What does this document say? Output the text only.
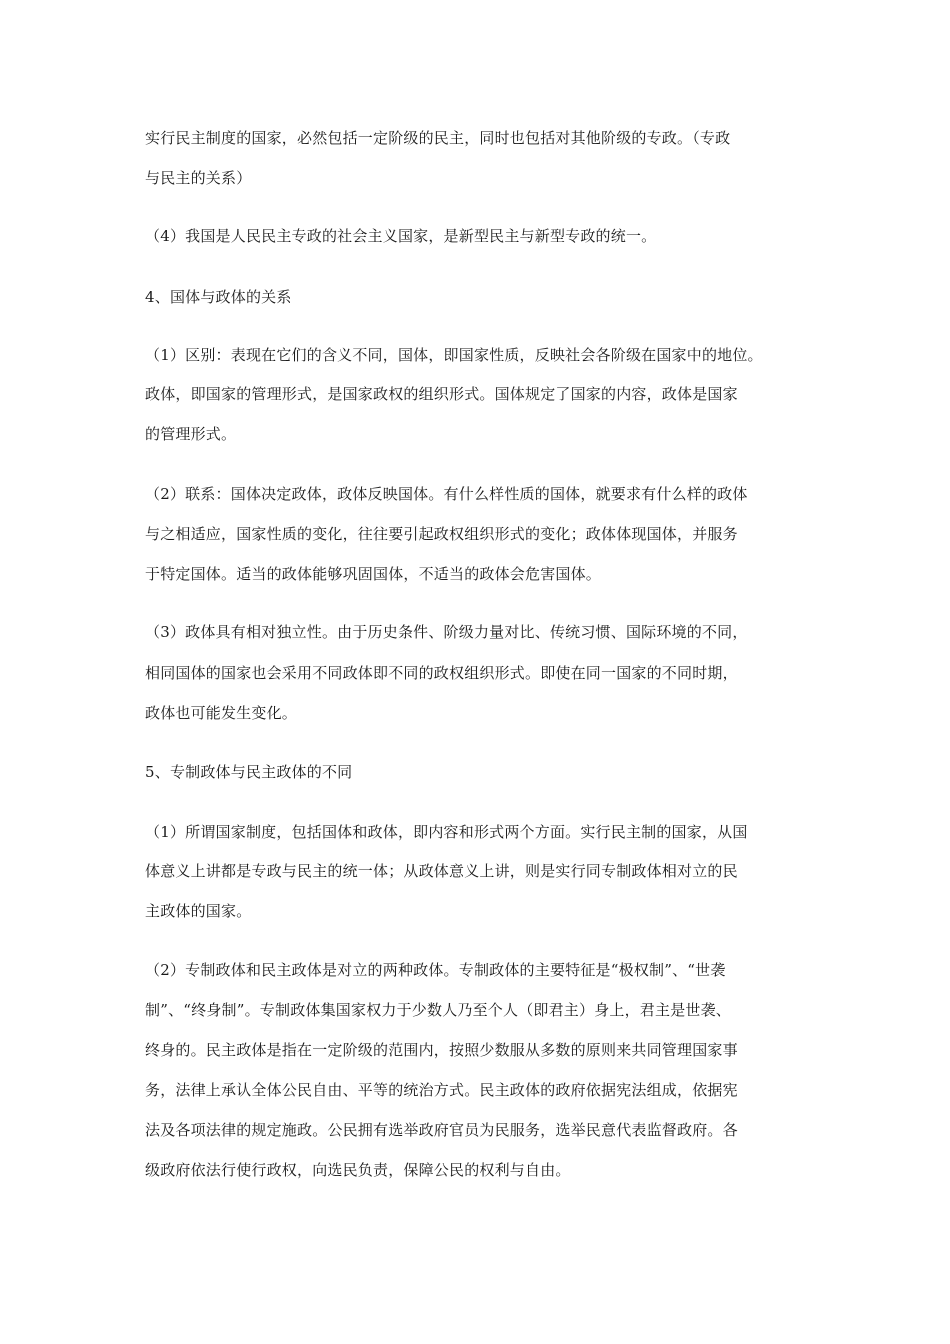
实行民主制度的国家，必然包括一定阶级的民主，同时也包括对其他阶级的专政。（专政
与民主的关系）
（4）我国是人民民主专政的社会主义国家，是新型民主与新型专政的统一。
4、国体与政体的关系
（1）区别：表现在它们的含义不同，国体，即国家性质，反映社会各阶级在国家中的地位。
政体，即国家的管理形式，是国家政权的组织形式。国体规定了国家的内容，政体是国家
的管理形式。
（2）联系：国体决定政体，政体反映国体。有什么样性质的国体，就要求有什么样的政体
与之相适应，国家性质的变化，往往要引起政权组织形式的变化；政体体现国体，并服务
于特定国体。适当的政体能够巩固国体，不适当的政体会危害国体。
（3）政体具有相对独立性。由于历史条件、阶级力量对比、传统习惯、国际环境的不同，
相同国体的国家也会采用不同政体即不同的政权组织形式。即使在同一国家的不同时期，
政体也可能发生变化。
5、专制政体与民主政体的不同
（1）所谓国家制度，包括国体和政体，即内容和形式两个方面。实行民主制的国家，从国
体意义上讲都是专政与民主的统一体；从政体意义上讲，则是实行同专制政体相对立的民
主政体的国家。
（2）专制政体和民主政体是对立的两种政体。专制政体的主要特征是“极权制”、“世袭
制”、“终身制”。专制政体集国家权力于少数人乃至个人（即君主）身上，君主是世袭、
终身的。民主政体是指在一定阶级的范围内，按照少数服从多数的原则来共同管理国家事
务，法律上承认全体公民自由、平等的统治方式。民主政体的政府依据宪法组成，依据宪
法及各项法律的规定施政。公民拥有选举政府官员为民服务，选举民意代表监督政府。各
级政府依法行使行政权，向选民负责，保障公民的权利与自由。
